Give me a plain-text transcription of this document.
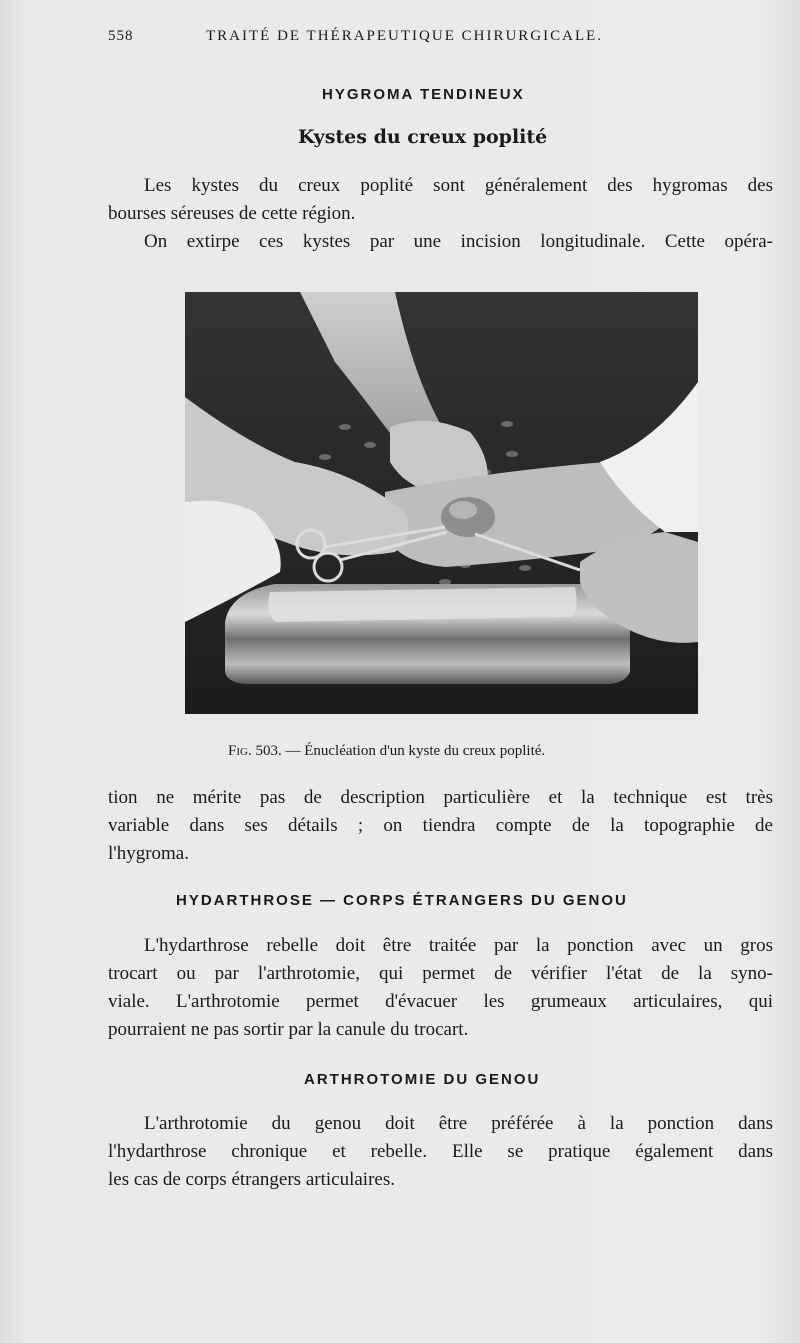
558	TRAITÉ DE THÉRAPEUTIQUE CHIRURGICALE.
HYGROMA TENDINEUX
Kystes du creux poplité
Les kystes du creux poplité sont généralement des hygromas des
bourses séreuses de cette région.
On extirpe ces kystes par une incision longitudinale. Cette opéra-
Fig. 503. — Énucléation d'un kyste du creux poplité.
tion ne mérite pas de description particulière et la technique est très
variable dans ses détails ; on tiendra compte de la topographie de
l'hygroma.
HYDARTHROSE — CORPS ÉTRANGERS DU GENOU
L'hydarthrose rebelle doit être traitée par la ponction avec un gros
trocart ou par l'arthrotomie, qui permet de vérifier l'état de la syno-
viale. L'arthrotomie permet d'évacuer les grumeaux articulaires, qui
pourraient ne pas sortir par la canule du trocart.
ARTHROTOMIE DU GENOU
L'arthrotomie du genou doit être préférée à la ponction dans
l'hydarthrose chronique et rebelle. Elle se pratique également dans
les cas de corps étrangers articulaires.
